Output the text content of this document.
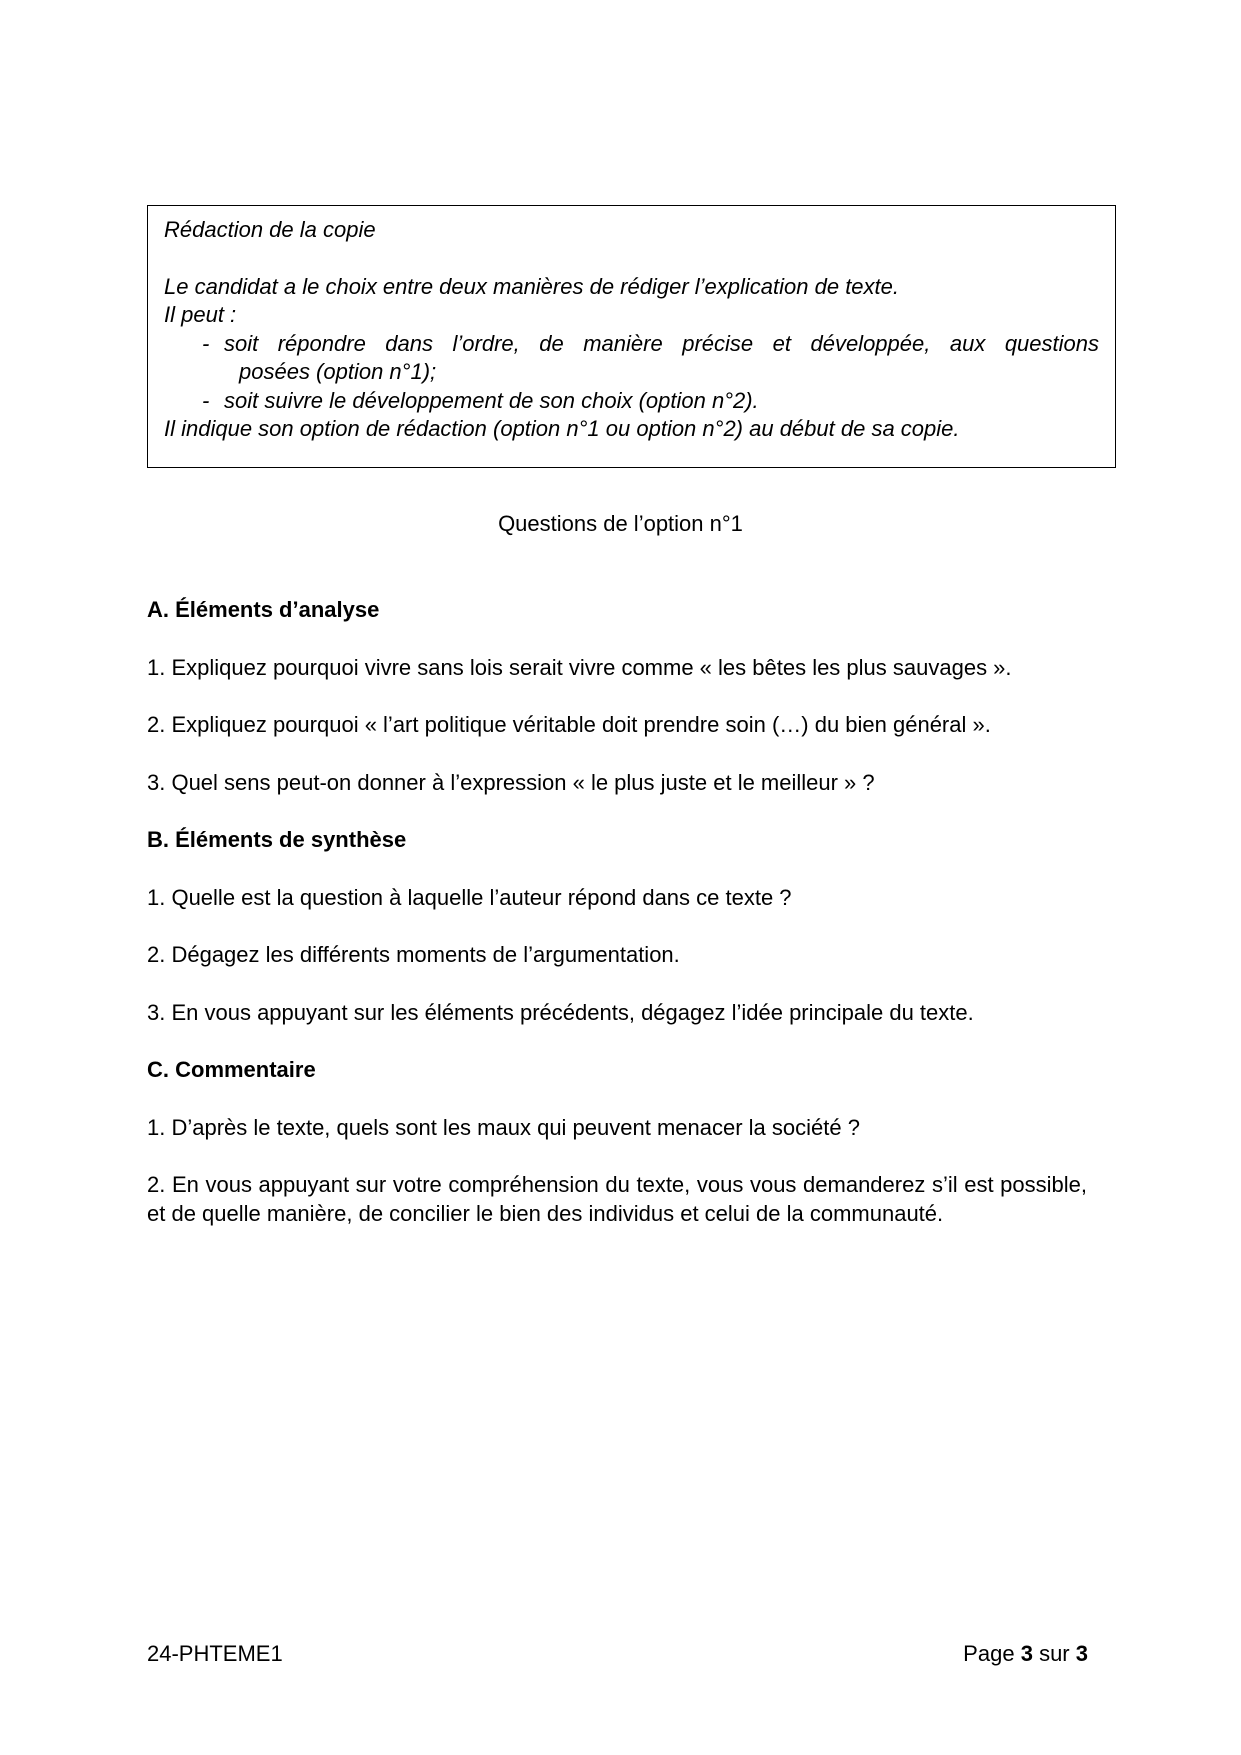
Rédaction de la copie

Le candidat a le choix entre deux manières de rédiger l’explication de texte.

Il peut :

- soit répondre dans l’ordre, de manière précise et développée, aux questions
posées (option n°1);
- soit suivre le développement de son choix (option n°2).

Il indique son option de rédaction (option n°1 ou option n°2) au début de sa copie.

Questions de l’option n°1

A. Éléments d’analyse

1. Expliquez pourquoi vivre sans lois serait vivre comme « les bêtes les plus sauvages ».

2. Expliquez pourquoi « l’art politique véritable doit prendre soin (…) du bien général ».

3. Quel sens peut-on donner à l’expression « le plus juste et le meilleur » ?

B. Éléments de synthèse

1. Quelle est la question à laquelle l’auteur répond dans ce texte ?

2. Dégagez les différents moments de l’argumentation.

3. En vous appuyant sur les éléments précédents, dégagez l’idée principale du texte.

C. Commentaire

1. D’après le texte, quels sont les maux qui peuvent menacer la société ?

2. En vous appuyant sur votre compréhension du texte, vous vous demanderez s’il est possible, et de quelle manière, de concilier le bien des individus et celui de la communauté.

24-PHTEME1	Page 3 sur 3
